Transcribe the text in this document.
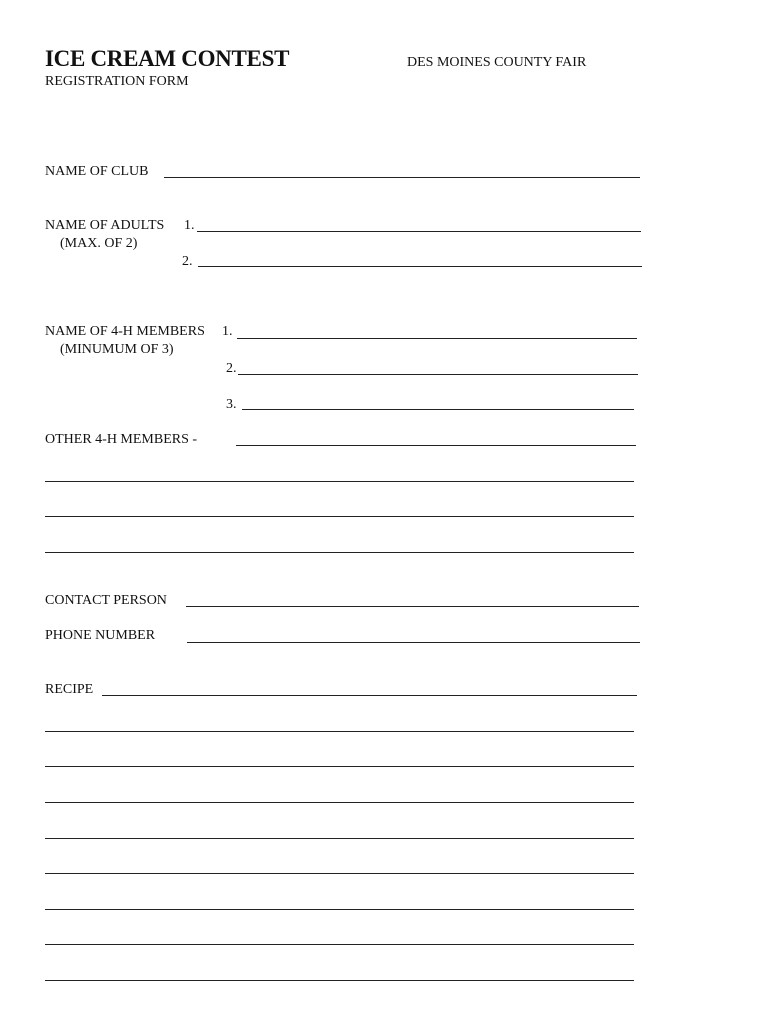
ICE CREAM CONTEST
REGISTRATION FORM
DES MOINES COUNTY FAIR
NAME OF CLUB
NAME OF ADULTS 1.
(MAX. OF 2)
2.
NAME OF 4-H MEMBERS 1.
(MINUMUM OF 3)
2.
3.
OTHER 4-H MEMBERS -
CONTACT PERSON
PHONE NUMBER
RECIPE
